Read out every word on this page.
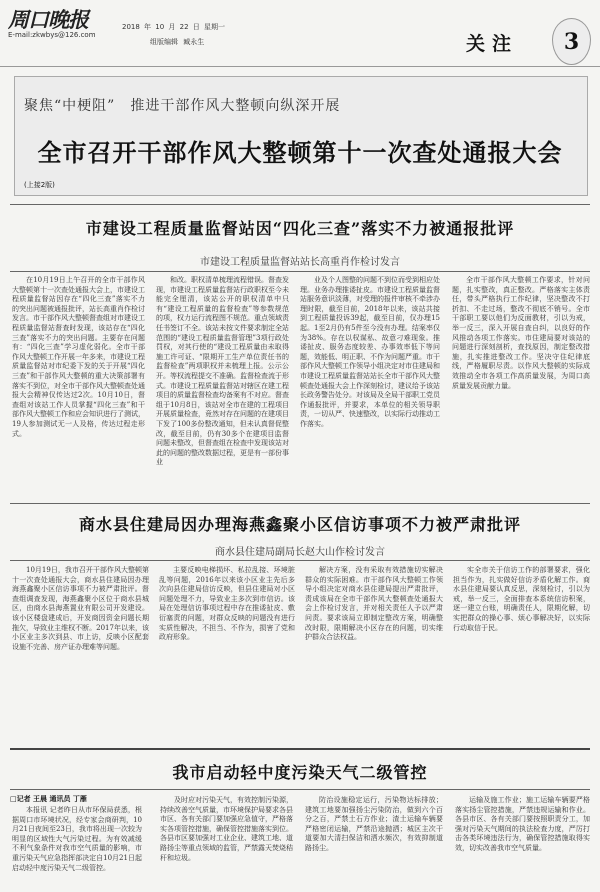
周口晚报
E-mail:zkwbys@126.com
2018 年 10 月 22 日 星期一
组版编辑 臧永生	关注	3
聚焦“中梗阻”　推进干部作风大整顿向纵深开展
全市召开干部作风大整顿第十一次查处通报大会
(上接2版)
市建设工程质量监督站因“四化三查”落实不力被通报批评
市建设工程质量监督站站长高重肖作检讨发言

在10月19日上午召开的全市干部作风大整顿第十一次查处通报大会上，市建设工程质量监督站因存在“四化三查”落实不力的突出问题被通报批评，站长高重肖作检讨发言。市干部作风大整顿督查组对市建设工程质量监督站督查时发现，该站存在“四化三查”落实不力的突出问题。主要存在问题有：“四化三查”学习虚化弱化。全市干部作风大整顿工作开展一年多来，市建设工程质量监督站对市纪委下发的关于开展“四化三查”和干部作风大整顿的重大决策部署有落实不到位，对全市干部作风大整顿查处通报大会精神仅传达过2次。10月10日，督查组对该站工作人员掌握“四化三查”和干部作风大整顿工作和应会知识进行了测试，19人参加测试无一人及格，传达过程走形式。

和改。职权清单梳理流程错误。督查发现，市建设工程质量监督站行政职权至今未能完全厘清，该站公开的职权清单中只有“建设工程质量的监督检查”等参数规范的项，权力运行流程图不规范。重点领域责任书签订不全。该站未按文件要求制定全站范围的“建设工程质量监督管理”3项行政处罚权，对其行使的“建设工程质量由未取得施工许可证、“限期开工生产单位责任书的监督检查”两项职权并未梳理上报。公示公开。等权流程提交不准确。监督检查流于形式。市建设工程质量监督站对辖区在建工程项目的质量监督检查均备案有不对应。督查组于10月8日，该站对全市在建的工程项目开展质量检查，竟然对存在问题的在建项目下发了100多份整改通知，但未认真督促整改，截至目前，仍有30多个在建项目监督问题未整改，但督查组在检查中发现该站对此的问题的整改数据过程，更是有一部份事业

业及个人图整的问题不到位而受到相应处理。业务办理推诿扯皮。市建设工程质量监督站服务意识淡薄，对受理的报件审核不牵涉办理时限，截至目前，2018年以来，该站共接到工程质量投诉39起，截至目前，仅办理15起。1至2月仍有5件至今没有办理。结案率仅为38%。存在以权谋私、故意刁难现象。推诿扯皮、服务态度较差、办事效率低下等问题，效能低、明正职、不作为问题严重。市干部作风大整顿工作领导小组决定对市住建局和市建设工程质量监督站站长全市干部作风大整顿查处通报大会上作深刻检讨，建议给予该站长政务警告处分。对该局及全局干部职工党员作通报批评，并要求，本单位的相关领导职责，一切从严、快速整改，以实际行动推动工作落实。

全市干部作风大整顿工作要求，针对问题，扎实整改，真正整改。严格落实主体责任，带头严格执行工作纪律，坚决整改不打折扣、不走过场，整改不彻底不销号。全市干部职工要以他们为反面教材，引以为戒，举一反三，深入开展自查自纠，以良好的作风推动各项工作落实。市住建局要对该站的问题进行深刻剖析，查找原因，制定整改措施，扎实推进整改工作。坚决守住纪律底线，严格履职尽责。以作风大整顿的实际成效推动全市各项工作高质量发展，为周口高质量发展贡献力量。

商水县住建局因办理海燕鑫聚小区信访事项不力被严肃批评
商水县住建局副局长赵大山作检讨发言

10月19日，我市召开干部作风大整顿第十一次查处通报大会，商水县住建局因办理海燕鑫聚小区信访事项不力被严肃批评。督查组调查发现，海燕鑫聚小区位于商水县城区，由商水县海燕置业有限公司开发建设。该小区楼盘建成后，开发商因资金问题长期拖欠，导致业主维权不断。2017年以来，该小区业主多次到县、市上访，反映小区配套设施不完善、房产证办理难等问题。

主要反映电梯损坏、私拉乱接、环境脏乱等问题，2016年以来该小区业主先后多次向县住建局信访反映，但县住建局对小区问题处理不力，导致业主多次到市信访。该局在处理信访事项过程中存在推诿扯皮、敷衍塞责的问题，对群众反映的问题没有进行实质性解决，不担当、不作为，损害了党和政府形象。

解决方案，没有采取有效措施切实解决群众的实际困难。市干部作风大整顿工作领导小组决定对商水县住建局提出严肃批评，责成该局在全市干部作风大整顿查处通报大会上作检讨发言，并对相关责任人予以严肃问责。要求该局立即制定整改方案，明确整改时限，限期解决小区存在的问题，切实维护群众合法权益。

实全市关于信访工作的部署要求，强化担当作为，扎实做好信访矛盾化解工作。商水县住建局要认真反思，深刻检讨，引以为戒，举一反三，全面排查本系统信访积案，逐一建立台账，明确责任人，限期化解，切实把群众的操心事、烦心事解决好，以实际行动取信于民。

我市启动轻中度污染天气二级管控
□记者 王晨 通讯员 丁雁

本报讯 记者昨日从市环保局获悉，根据周口市环境状况，经专家会商研判，10月21日夜间至23日，我市将出现一次较为明显的区域性大气污染过程。为有效减缓不利气象条件对我市空气质量的影响，市重污染天气应急指挥部决定自10月21日起启动轻中度污染天气二级管控。

及时应对污染天气，有效控制污染源，持续改善空气质量，市环境保护局要求各县市区、各有关部门要加强应急值守，严格落实各项管控措施，确保管控措施落实到位。各县市区要加强对工业企业、建筑工地、道路扬尘等重点领域的监管，严禁露天焚烧秸秆和垃圾。

防治设施稳定运行，污染物达标排放；建筑工地要加强扬尘污染防治，做到六个百分之百，严禁土石方作业；渣土运输车辆要严格密闭运输，严禁沿途抛洒；城区主次干道要加大清扫保洁和洒水频次，有效抑制道路扬尘。

运输及施工作业；施工运输车辆要严格落实扬尘管控措施，严禁违规运输和作业。各县市区、各有关部门要按照职责分工，加强对污染天气期间的执法检查力度，严厉打击各类环境违法行为，确保管控措施取得实效，切实改善我市空气质量。
